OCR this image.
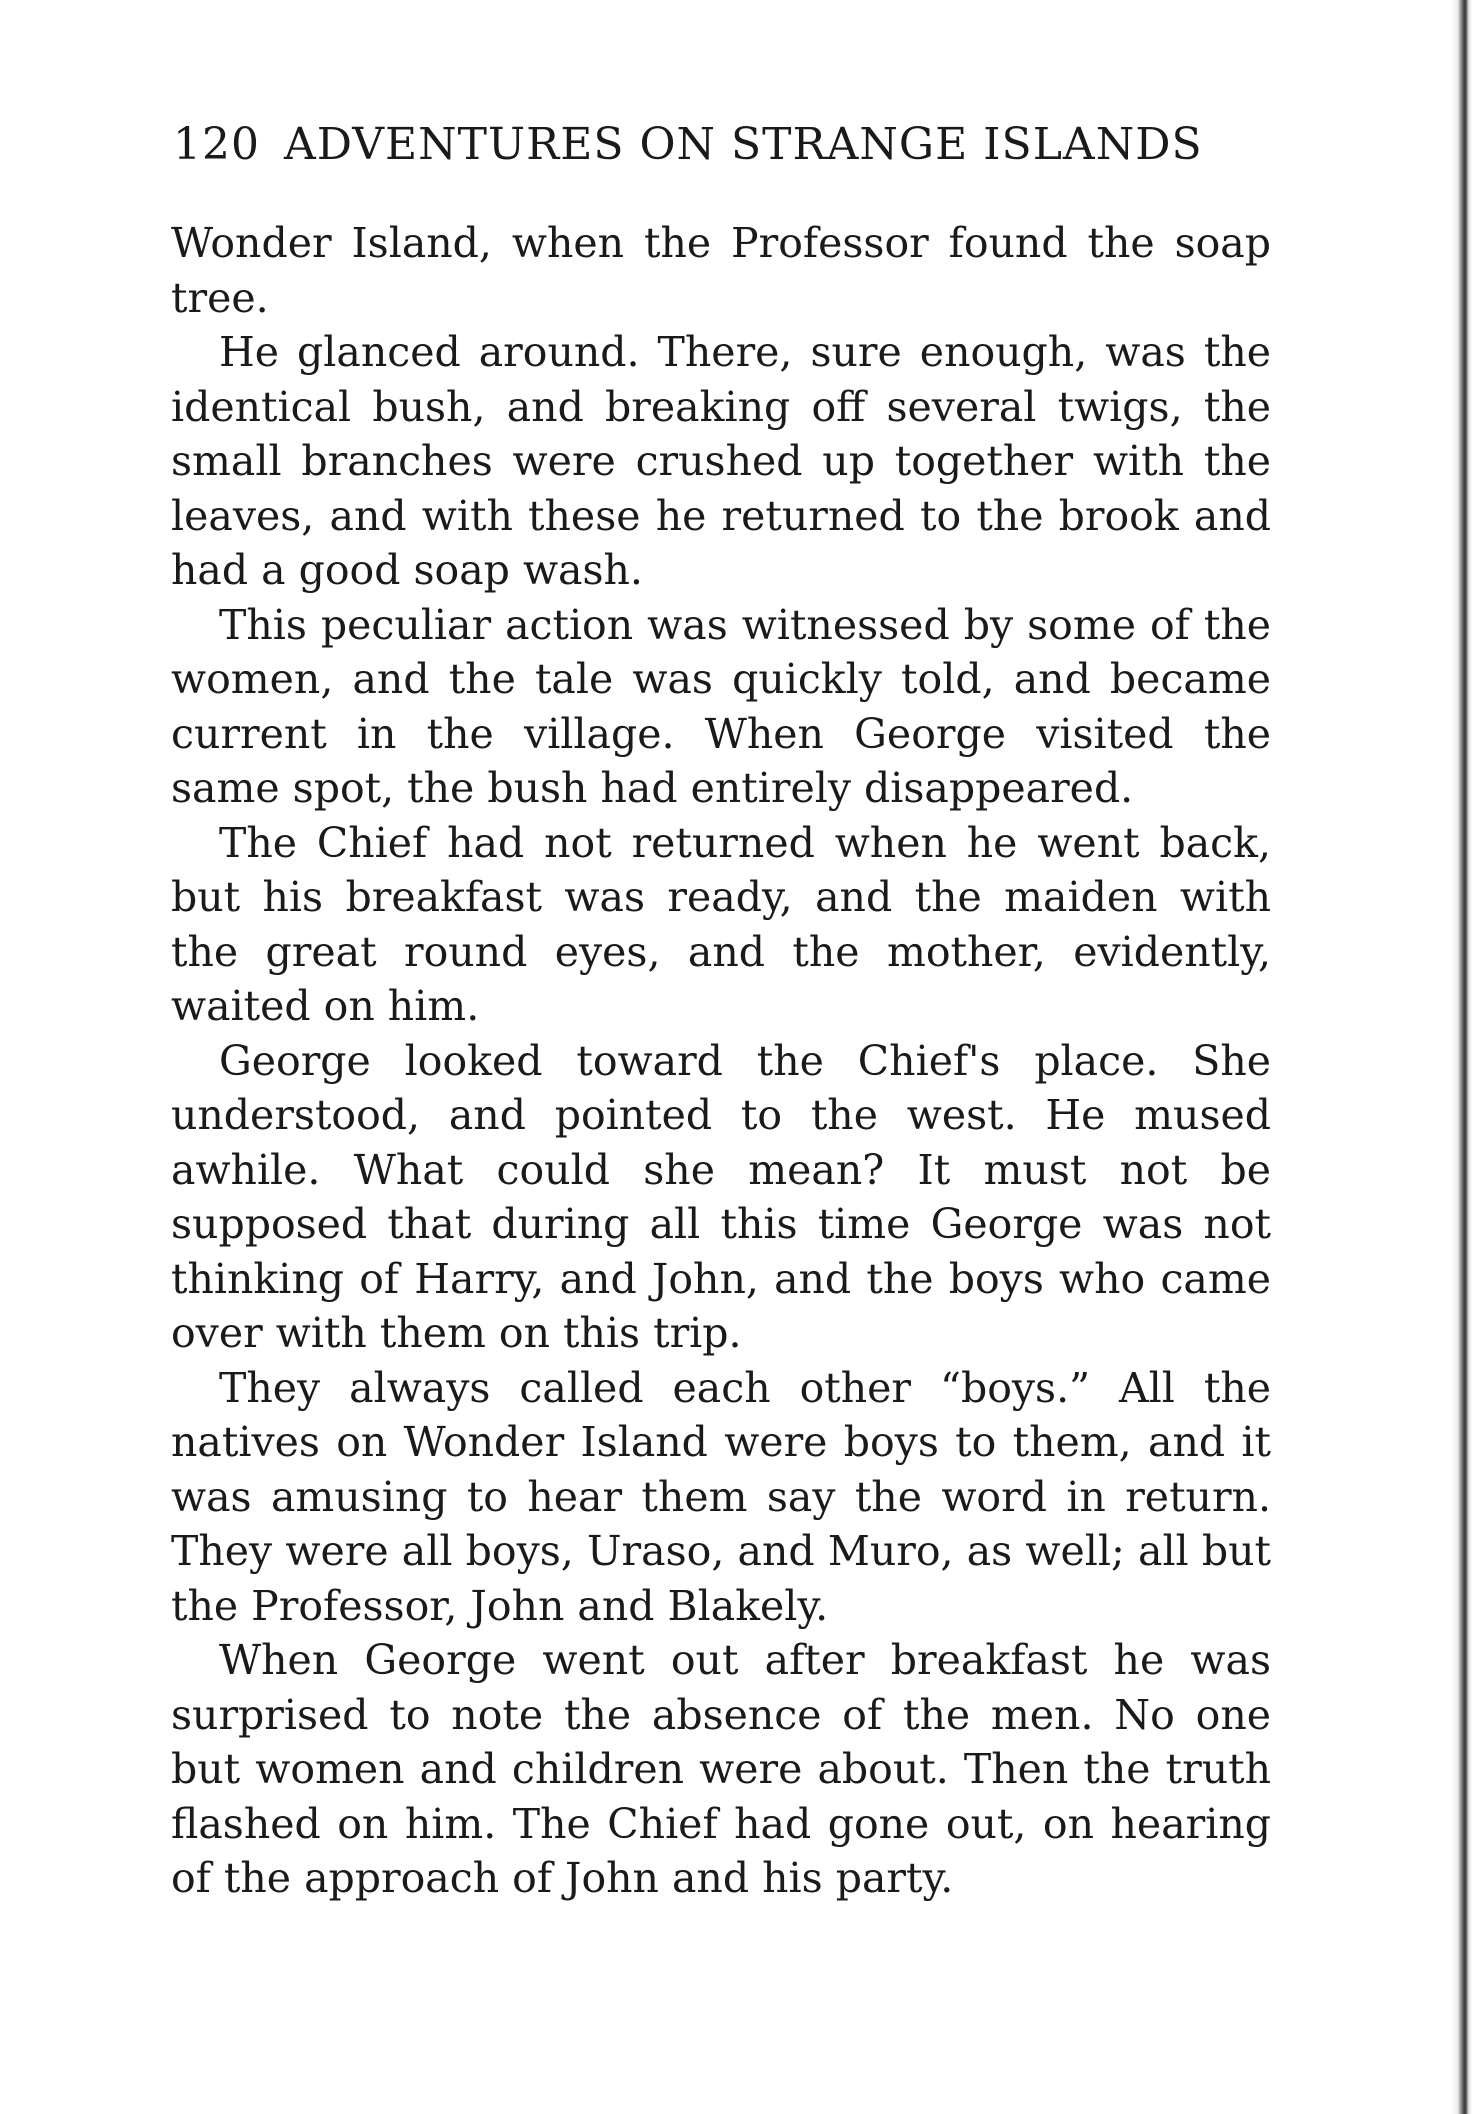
120 ADVENTURES ON STRANGE ISLANDS

Wonder Island, when the Professor found the soap tree.

He glanced around. There, sure enough, was the identical bush, and breaking off several twigs, the small branches were crushed up together with the leaves, and with these he returned to the brook and had a good soap wash.

This peculiar action was witnessed by some of the women, and the tale was quickly told, and became current in the village. When George visited the same spot, the bush had entirely disappeared.

The Chief had not returned when he went back, but his breakfast was ready, and the maiden with the great round eyes, and the mother, evidently, waited on him.

George looked toward the Chief's place. She understood, and pointed to the west. He mused awhile. What could she mean? It must not be supposed that during all this time George was not thinking of Harry, and John, and the boys who came over with them on this trip.

They always called each other “boys.” All the natives on Wonder Island were boys to them, and it was amusing to hear them say the word in return. They were all boys, Uraso, and Muro, as well; all but the Professor, John and Blakely.

When George went out after breakfast he was surprised to note the absence of the men. No one but women and children were about. Then the truth flashed on him. The Chief had gone out, on hearing of the approach of John and his party.
